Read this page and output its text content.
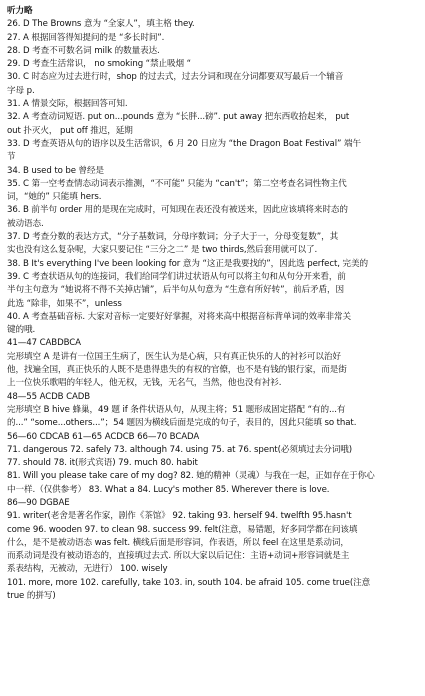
听力略
26. D The Browns 意为 “全家人”，填主格 they.
27. A 根据回答得知提问的是 “多长时间”.
28. D 考查不可数名词 milk 的数量表达.
29. D 考查生活常识， no smoking “禁止吸烟 “
30. C 时态应为过去进行时，shop 的过去式，过去分词和现在分词都要双写最后一个辅音
字母 p.
31. A 情景交际，根据回答可知.
32. A 考查动词短语. put on...pounds 意为 “长胖...磅”. put away 把东西收拾起来， put
out 扑灭火， put off 推迟，延期
33. D 考查英语从句的语序以及生活常识，6 月 20 日应为 “the Dragon Boat Festival” 端午
节
34. B used to be 曾经是
35. C 第一空考查情态动词表示推测，“不可能” 只能为 “can't”；第二空考查名词性物主代
词，“她的” 只能填 hers.
36. B 前半句 order 用的是现在完成时，可知现在表还没有被送来，因此应该填将来时态的
被动语态.
37. D 考查分数的表达方式，“分子基数词，分母序数词；分子大于一，分母变复数”，其
实也没有这么复杂呢，大家只要记住 “三分之二” 是 two thirds,然后套用就可以了.
38. B It's everything I've been looking for 意为 “这正是我要找的”，因此选 perfect, 完美的
39. C 考查状语从句的连接词，我们给同学们讲过状语从句可以将主句和从句分开来看，前
半句主句意为 “她说将不得不关掉店铺”，后半句从句意为 “生意有所好转”，前后矛盾，因
此选 “除非，如果不”，unless
40. A 考查基础音标. 大家对音标一定要好好掌握，对将来高中根据音标背单词的效率非常关
键的哦.
41—47 CABDBCA
完形填空 A 是讲有一位国王生病了，医生认为是心病，只有真正快乐的人的衬衫可以治好
他，找遍全国，真正快乐的人既不是患得患失的有权的官僚，也不是有钱的银行家，而是街
上一位快乐歌唱的年轻人，他无权，无钱，无名气，当然，他也没有衬衫.
48—55 ACDB CADB
完形填空 B hive 蜂巢，49 题 if 条件状语从句，从现主将；51 题形成固定搭配 “有的...有
的...” “some...others...”；54 题因为横线后面是完成的句子，表目的，因此只能填 so that.
56—60 CDCAB 61—65 ACDCB 66—70 BCADA
71. dangerous 72. safely 73. although 74. using 75. at 76. spent(必须填过去分词哦)
77. should 78. it(形式宾语) 79. much 80. habit
81. Will you please take care of my dog? 82. 她的精神（灵魂）与我在一起，正如存在于你心
中一样.（仅供参考） 83. What a 84. Lucy's mother 85. Wherever there is love.
86—90 DGBAE
91. writer(老舍是著名作家，剧作《茶馆》 92. taking 93. herself 94. twelfth 95.hasn't
come 96. wooden 97. to clean 98. success 99. felt(注意，易错题，好多同学都在问该填
什么，是不是被动语态 was felt. 横线后面是形容词，作表语，所以 feel 在这里是系动词，
而系动词是没有被动语态的，直接填过去式. 所以大家以后记住：主语+动词+形容词就是主
系表结构，无被动，无进行） 100. wisely
101. more, more 102. carefully, take 103. in, south 104. be afraid 105. come true(注意
true 的拼写)
